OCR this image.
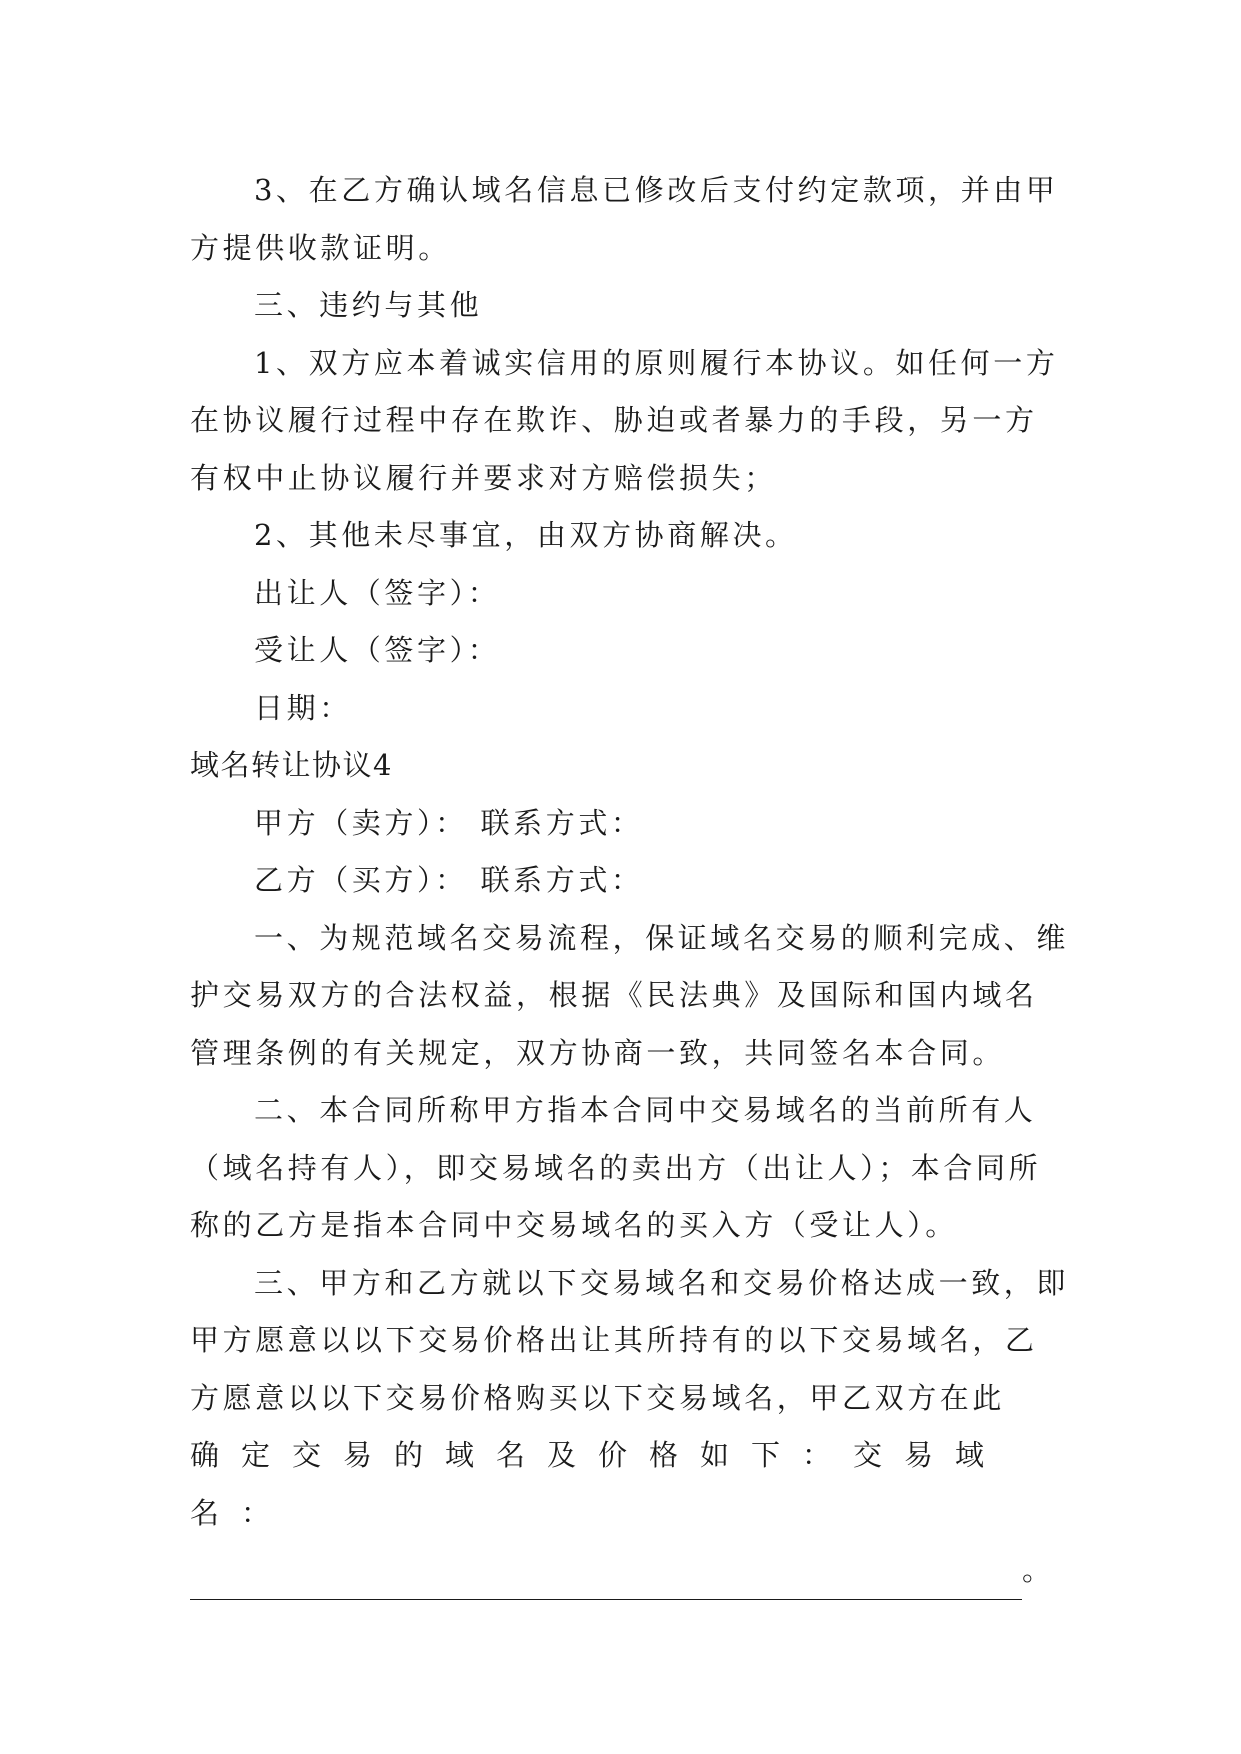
3、在乙方确认域名信息已修改后支付约定款项，并由甲方提供收款证明。

三、违约与其他

1、双方应本着诚实信用的原则履行本协议。如任何一方在协议履行过程中存在欺诈、胁迫或者暴力的手段，另一方有权中止协议履行并要求对方赔偿损失；

2、其他未尽事宜，由双方协商解决。

出让人（签字）：

受让人（签字）：

日期：

域名转让协议4

甲方（卖方）： 联系方式：

乙方（买方）： 联系方式：

一、为规范域名交易流程，保证域名交易的顺利完成、维护交易双方的合法权益，根据《民法典》及国际和国内域名管理条例的有关规定，双方协商一致，共同签名本合同。

二、本合同所称甲方指本合同中交易域名的当前所有人（域名持有人），即交易域名的卖出方（出让人）；本合同所称的乙方是指本合同中交易域名的买入方（受让人）。

三、甲方和乙方就以下交易域名和交易价格达成一致，即甲方愿意以以下交易价格出让其所持有的以下交易域名，乙方愿意以以下交易价格购买以下交易域名，甲乙双方在此

确定交易的域名及价格如下：交易域名：

。
